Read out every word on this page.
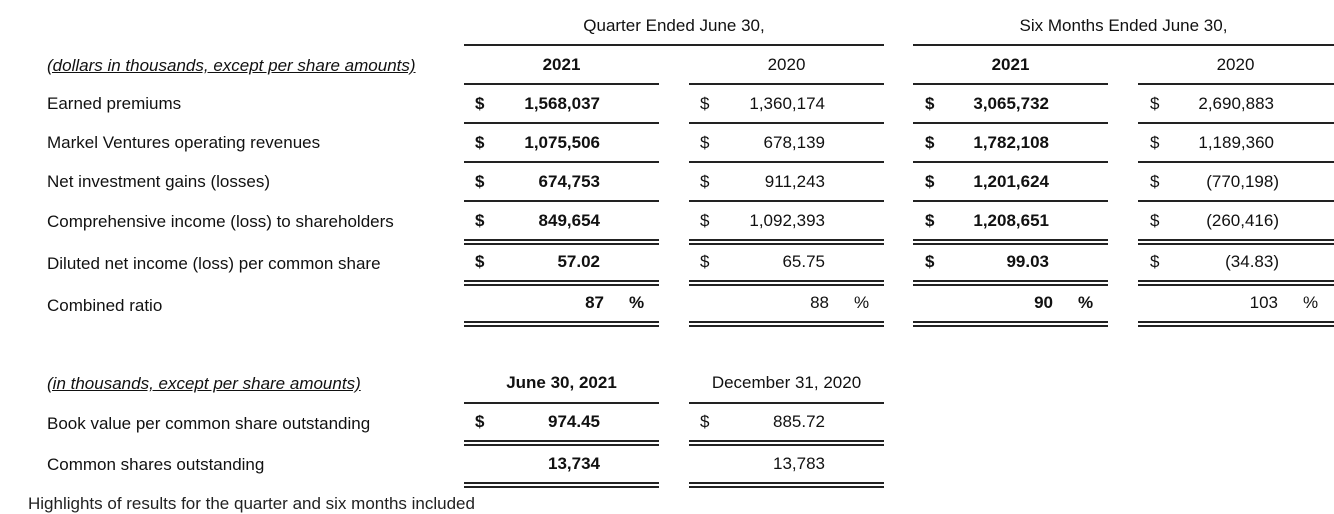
Quarter Ended June 30,	Six Months Ended June 30,
(dollars in thousands, except per share amounts)	2021	2020	2021	2020
Earned premiums	$	1,568,037	$	1,360,174	$	3,065,732	$	2,690,883
Markel Ventures operating revenues	$	1,075,506	$	678,139	$	1,782,108	$	1,189,360
Net investment gains (losses)	$	674,753	$	911,243	$	1,201,624	$	(770,198)
Comprehensive income (loss) to shareholders	$	849,654	$	1,092,393	$	1,208,651	$	(260,416)
Diluted net income (loss) per common share	$	57.02	$	65.75	$	99.03	$	(34.83)
Combined ratio	87 %	88 %	90 %	103 %
(in thousands, except per share amounts)	June 30, 2021	December 31, 2020
Book value per common share outstanding	$	974.45	$	885.72
Common shares outstanding	13,734	13,783
Highlights of results for the quarter and six months included
